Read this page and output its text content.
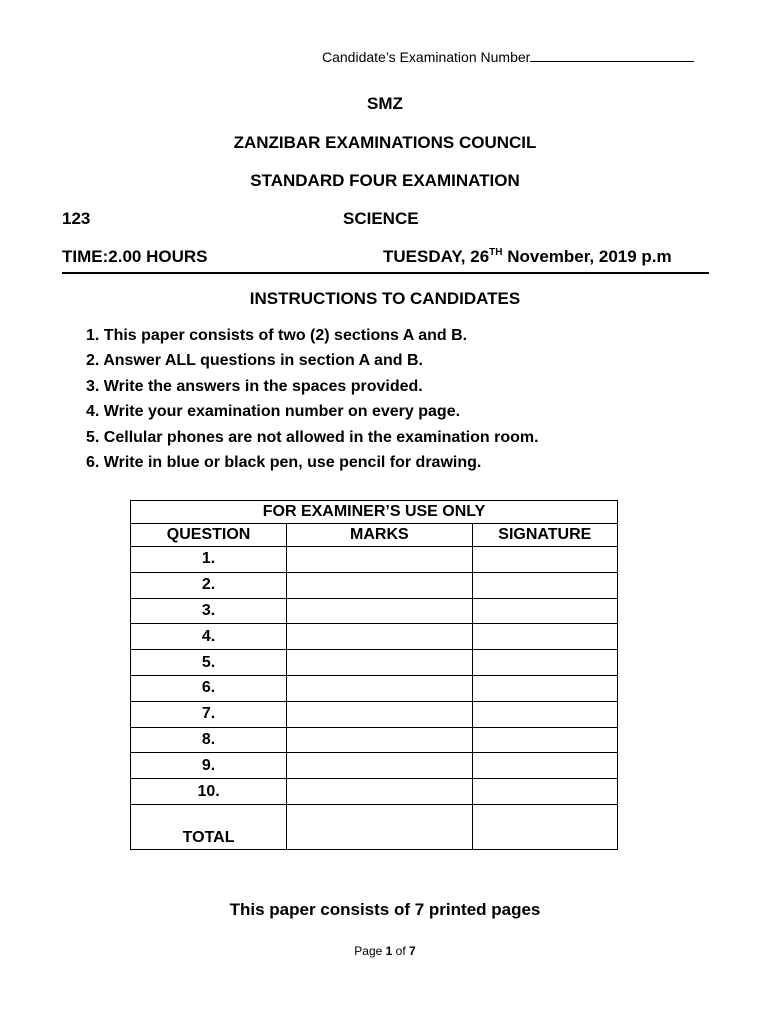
Candidate’s Examination Number
SMZ
ZANZIBAR EXAMINATIONS COUNCIL
STANDARD FOUR EXAMINATION
123	SCIENCE
TIME:2.00 HOURS	TUESDAY, 26TH November, 2019 p.m
INSTRUCTIONS TO CANDIDATES
1. This paper consists of two (2) sections A and B.
2. Answer ALL questions in section A and B.
3. Write the answers in the spaces provided.
4. Write your examination number on every page.
5. Cellular phones are not allowed in the examination room.
6. Write in blue or black pen, use pencil for drawing.
FOR EXAMINER’S USE ONLY		
QUESTION	MARKS	SIGNATURE
1.		
2.		
3.		
4.		
5.		
6.		
7.		
8.		
9.		
10.		
TOTAL		
This paper consists of 7 printed pages
Page 1 of 7
